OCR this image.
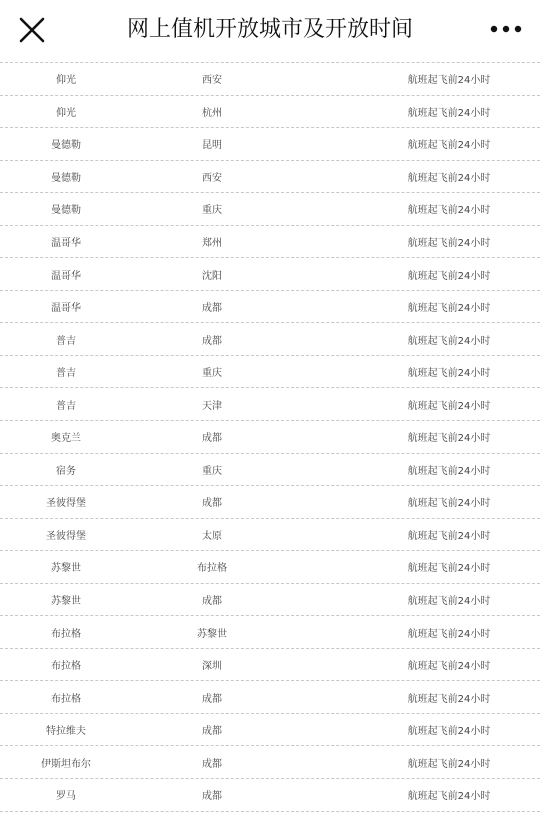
网上值机开放城市及开放时间
仰光	西安	航班起飞前24小时
仰光	杭州	航班起飞前24小时
曼德勒	昆明	航班起飞前24小时
曼德勒	西安	航班起飞前24小时
曼德勒	重庆	航班起飞前24小时
温哥华	郑州	航班起飞前24小时
温哥华	沈阳	航班起飞前24小时
温哥华	成都	航班起飞前24小时
普吉	成都	航班起飞前24小时
普吉	重庆	航班起飞前24小时
普吉	天津	航班起飞前24小时
奥克兰	成都	航班起飞前24小时
宿务	重庆	航班起飞前24小时
圣彼得堡	成都	航班起飞前24小时
圣彼得堡	太原	航班起飞前24小时
苏黎世	布拉格	航班起飞前24小时
苏黎世	成都	航班起飞前24小时
布拉格	苏黎世	航班起飞前24小时
布拉格	深圳	航班起飞前24小时
布拉格	成都	航班起飞前24小时
特拉维夫	成都	航班起飞前24小时
伊斯坦布尔	成都	航班起飞前24小时
罗马	成都	航班起飞前24小时
